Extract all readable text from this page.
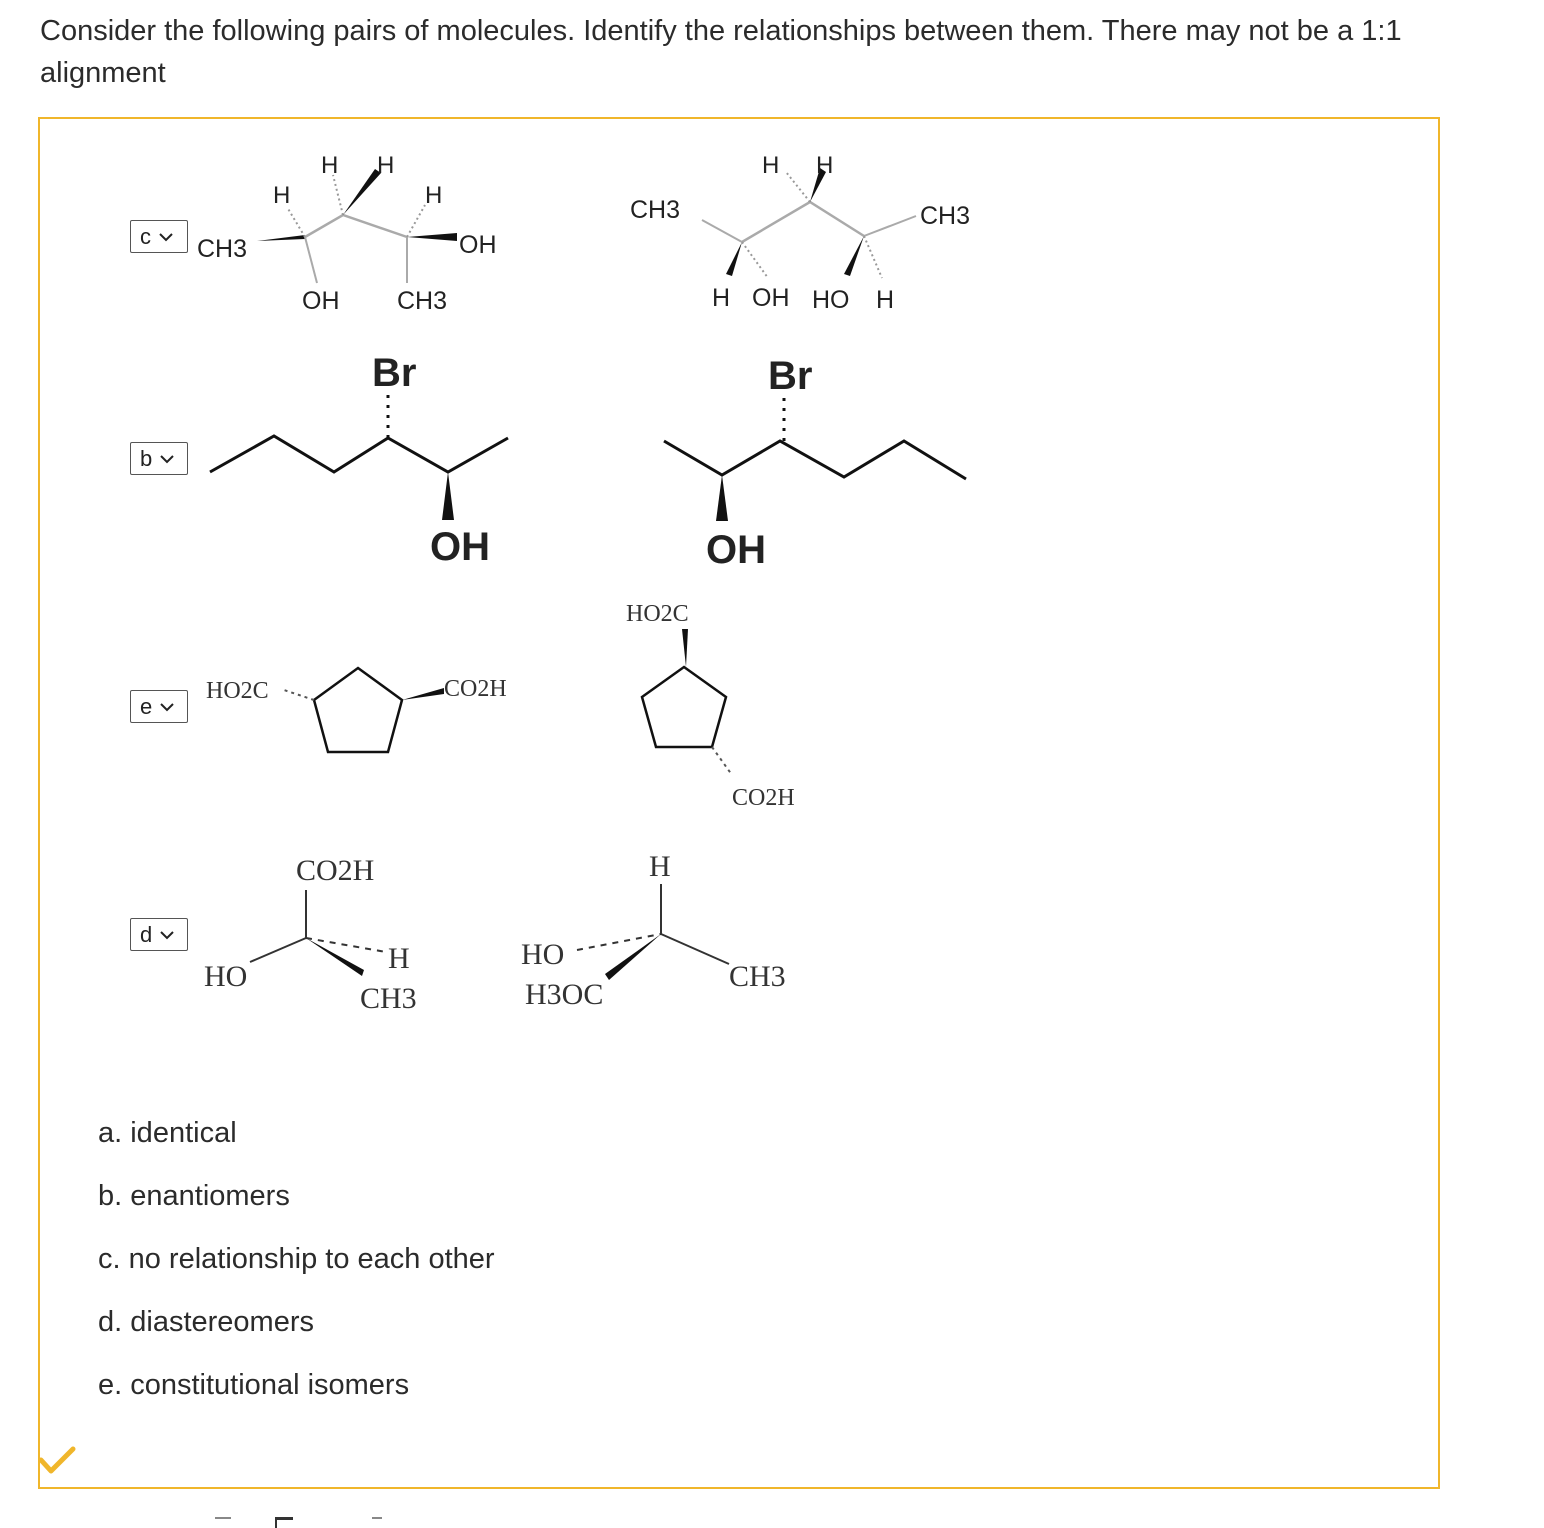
Consider the following pairs of molecules. Identify the relationships between them. There may not be a 1:1 alignment
c
b
e
d
H H
H	H
CH3	OH
OH CH3
H H
CH3	CH3
H OH HO H
Br
OH
Br
OH
HO2C	CO2H
HO2C
CO2H
CO2H
HO
H
CH3
H
HO
H3OC
CH3
a. identical
b. enantiomers
c. no relationship to each other
d. diastereomers
e. constitutional isomers
